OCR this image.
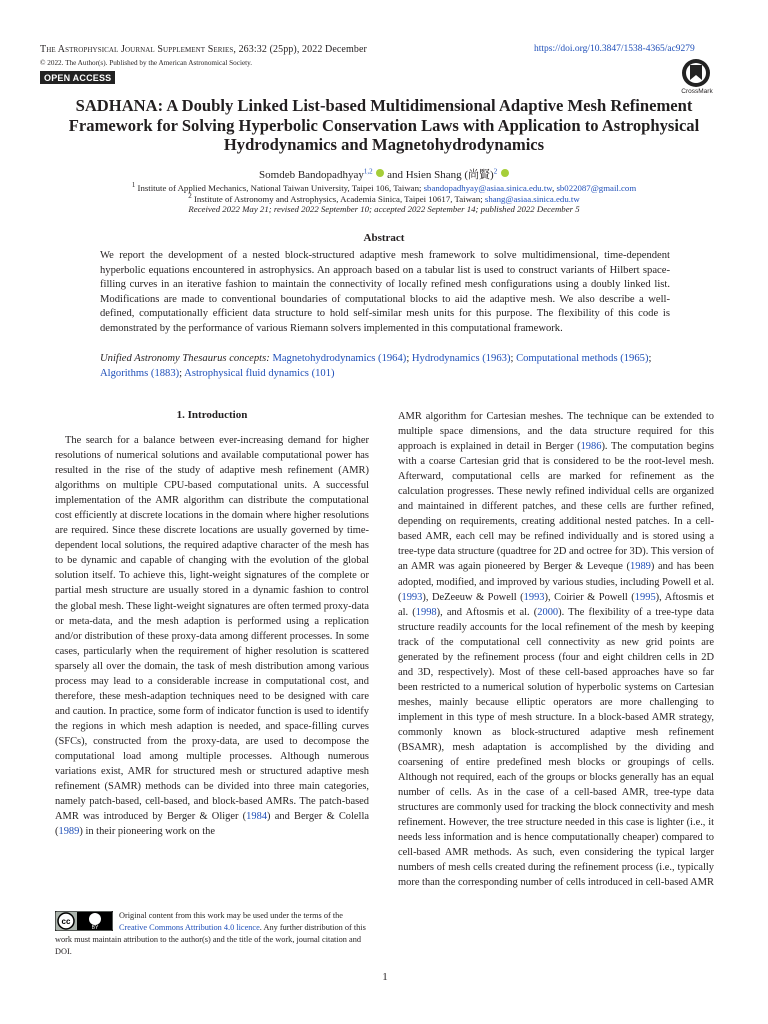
The Astrophysical Journal Supplement Series, 263:32 (25pp), 2022 December
© 2022. The Author(s). Published by the American Astronomical Society.
OPEN ACCESS
https://doi.org/10.3847/1538-4365/ac9279
CrossMark
SADHANA: A Doubly Linked List-based Multidimensional Adaptive Mesh Refinement Framework for Solving Hyperbolic Conservation Laws with Application to Astrophysical Hydrodynamics and Magnetohydrodynamics
Somdeb Bandopadhyay$^{1,2}$  and Hsien Shang (尚賢)$^2$
$^1$ Institute of Applied Mechanics, National Taiwan University, Taipei 106, Taiwan; sbandopadhyay@asiaa.sinica.edu.tw, sb022087@gmail.com
$^2$ Institute of Astronomy and Astrophysics, Academia Sinica, Taipei 10617, Taiwan; shang@asiaa.sinica.edu.tw
Received 2022 May 21; revised 2022 September 10; accepted 2022 September 14; published 2022 December 5
Abstract
We report the development of a nested block-structured adaptive mesh framework to solve multidimensional, time-dependent hyperbolic equations encountered in astrophysics. An approach based on a tabular list is used to construct variants of Hilbert space-filling curves in an iterative fashion to maintain the connectivity of locally refined mesh configurations using a doubly linked list. Modifications are made to conventional boundaries of computational blocks to aid the adaptive mesh. We also describe a well-defined, computationally efficient data structure to hold self-similar mesh units for this purpose. The flexibility of this code is demonstrated by the performance of various Riemann solvers implemented in this computational framework.
Unified Astronomy Thesaurus concepts: Magnetohydrodynamics (1964); Hydrodynamics (1963); Computational methods (1965); Algorithms (1883); Astrophysical fluid dynamics (101)
1. Introduction
The search for a balance between ever-increasing demand for higher resolutions of numerical solutions and available computational power has resulted in the rise of the study of adaptive mesh refinement (AMR) algorithms on multiple CPU-based computational units. A successful implementation of the AMR algorithm can distribute the computational cost efficiently at discrete locations in the domain where higher resolutions are required. Since these discrete locations are usually governed by time-dependent local solutions, the required adaptive character of the mesh has to be dynamic and capable of changing with the evolution of the global solution itself. To achieve this, light-weight signatures of the complete or partial mesh structure are usually stored in a dynamic fashion to control the global mesh. These light-weight signatures are often termed proxy-data or meta-data, and the mesh adaption is performed using a replication and/or distribution of these proxy-data among different processes. In some cases, particularly when the requirement of higher resolution is scattered sparsely all over the domain, the task of mesh distribution among various process may lead to a considerable increase in computational cost, and therefore, these mesh-adaption techniques need to be designed with care and caution. In practice, some form of indicator function is used to identify the regions in which mesh adaption is needed, and space-filling curves (SFCs), constructed from the proxy-data, are used to decompose the computational load among multiple processes. Although numerous variations exist, AMR for structured mesh or structured adaptive mesh refinement (SAMR) methods can be divided into three main categories, namely patch-based, cell-based, and block-based AMRs. The patch-based AMR was introduced by Berger & Oliger (1984) and Berger & Colella (1989) in their pioneering work on the
AMR algorithm for Cartesian meshes. The technique can be extended to multiple space dimensions, and the data structure required for this approach is explained in detail in Berger (1986). The computation begins with a coarse Cartesian grid that is considered to be the root-level mesh. Afterward, computational cells are marked for refinement as the calculation progresses. These newly refined individual cells are organized and maintained in different patches, and these cells are further refined, depending on requirements, creating additional nested patches. In a cell-based AMR, each cell may be refined individually and is stored using a tree-type data structure (quadtree for 2D and octree for 3D). This version of an AMR was again pioneered by Berger & Leveque (1989) and has been adopted, modified, and improved by various studies, including Powell et al. (1993), DeZeeuw & Powell (1993), Coirier & Powell (1995), Aftosmis et al. (1998), and Aftosmis et al. (2000). The flexibility of a tree-type data structure readily accounts for the local refinement of the mesh by keeping track of the computational cell connectivity as new grid points are generated by the refinement process (four and eight children cells in 2D and 3D, respectively). Most of these cell-based approaches have so far been restricted to a numerical solution of hyperbolic systems on Cartesian meshes, mainly because elliptic operators are more challenging to implement in this type of mesh structure. In a block-based AMR strategy, commonly known as block-structured adaptive mesh refinement (BSAMR), mesh adaptation is accomplished by the dividing and coarsening of entire predefined mesh blocks or groupings of cells. Although not required, each of the groups or blocks generally has an equal number of cells. As in the case of a cell-based AMR, tree-type data structures are commonly used for tracking the block connectivity and mesh refinement. However, the tree structure needed in this case is lighter (i.e., it needs less information and is hence computationally cheaper) compared to cell-based AMR methods. As such, even considering the typical larger numbers of mesh cells created during the refinement process (i.e., typically more than the corresponding number of cells introduced in cell-based AMR
cc
BY
Original content from this work may be used under the terms of the Creative Commons Attribution 4.0 licence. Any further distribution of this work must maintain attribution to the author(s) and the title of the work, journal citation and DOI.
1
